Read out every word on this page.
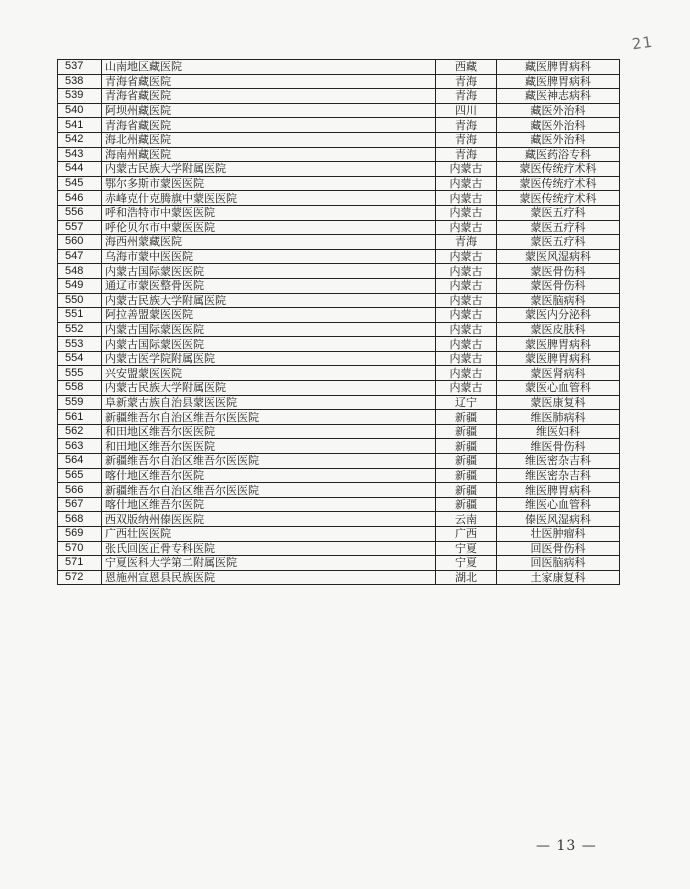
21
537	山南地区藏医院	西藏	藏医脾胃病科
538	青海省藏医院	青海	藏医脾胃病科
539	青海省藏医院	青海	藏医神志病科
540	阿坝州藏医院	四川	藏医外治科
541	青海省藏医院	青海	藏医外治科
542	海北州藏医院	青海	藏医外治科
543	海南州藏医院	青海	藏医药浴专科
544	内蒙古民族大学附属医院	内蒙古	蒙医传统疗术科
545	鄂尔多斯市蒙医医院	内蒙古	蒙医传统疗术科
546	赤峰克什克腾旗中蒙医医院	内蒙古	蒙医传统疗术科
556	呼和浩特市中蒙医医院	内蒙古	蒙医五疗科
557	呼伦贝尔市中蒙医医院	内蒙古	蒙医五疗科
560	海西州蒙藏医院	青海	蒙医五疗科
547	乌海市蒙中医医院	内蒙古	蒙医风湿病科
548	内蒙古国际蒙医医院	内蒙古	蒙医骨伤科
549	通辽市蒙医整骨医院	内蒙古	蒙医骨伤科
550	内蒙古民族大学附属医院	内蒙古	蒙医脑病科
551	阿拉善盟蒙医医院	内蒙古	蒙医内分泌科
552	内蒙古国际蒙医医院	内蒙古	蒙医皮肤科
553	内蒙古国际蒙医医院	内蒙古	蒙医脾胃病科
554	内蒙古医学院附属医院	内蒙古	蒙医脾胃病科
555	兴安盟蒙医医院	内蒙古	蒙医肾病科
558	内蒙古民族大学附属医院	内蒙古	蒙医心血管科
559	阜新蒙古族自治县蒙医医院	辽宁	蒙医康复科
561	新疆维吾尔自治区维吾尔医医院	新疆	维医肺病科
562	和田地区维吾尔医医院	新疆	维医妇科
563	和田地区维吾尔医医院	新疆	维医骨伤科
564	新疆维吾尔自治区维吾尔医医院	新疆	维医密杂吉科
565	喀什地区维吾尔医院	新疆	维医密杂吉科
566	新疆维吾尔自治区维吾尔医医院	新疆	维医脾胃病科
567	喀什地区维吾尔医院	新疆	维医心血管科
568	西双版纳州傣医医院	云南	傣医风湿病科
569	广西壮医医院	广西	壮医肿瘤科
570	张氏回医正骨专科医院	宁夏	回医骨伤科
571	宁夏医科大学第二附属医院	宁夏	回医脑病科
572	恩施州宣恩县民族医院	湖北	土家康复科
— 13 —
